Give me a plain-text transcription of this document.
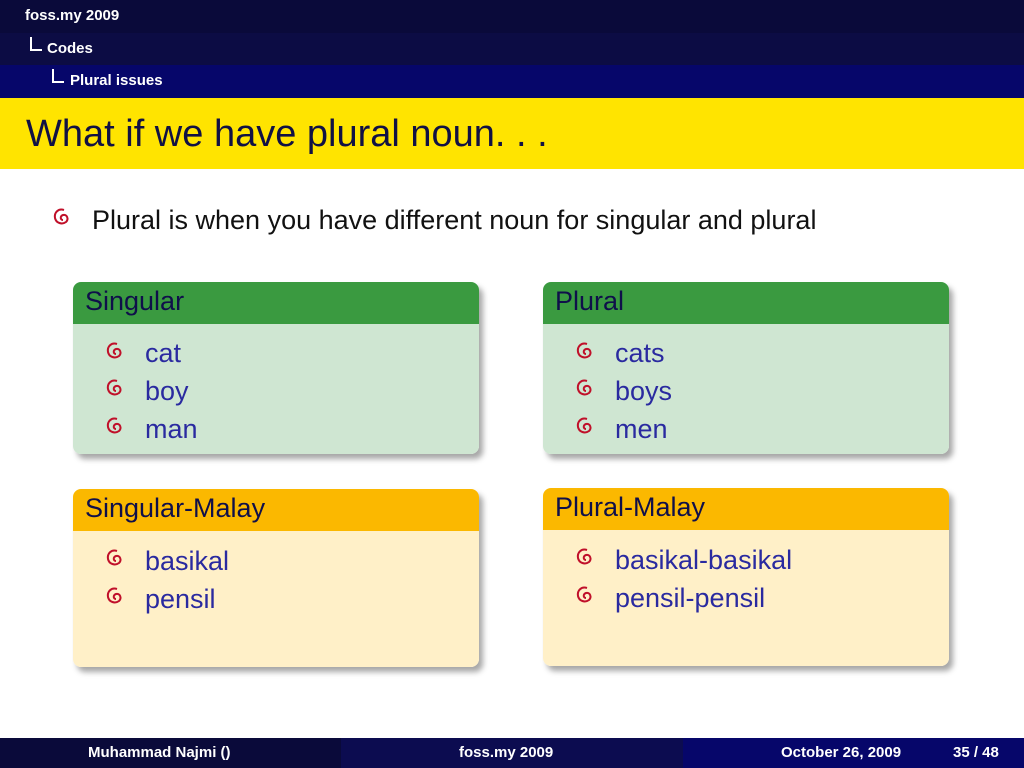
foss.my 2009
Codes
Plural issues
What if we have plural noun. . .
Plural is when you have different noun for singular and plural
Singular
cat
boy
man
Plural
cats
boys
men
Singular-Malay
basikal
pensil
Plural-Malay
basikal-basikal
pensil-pensil
Muhammad Najmi ()	foss.my 2009	October 26, 2009	35 / 48
